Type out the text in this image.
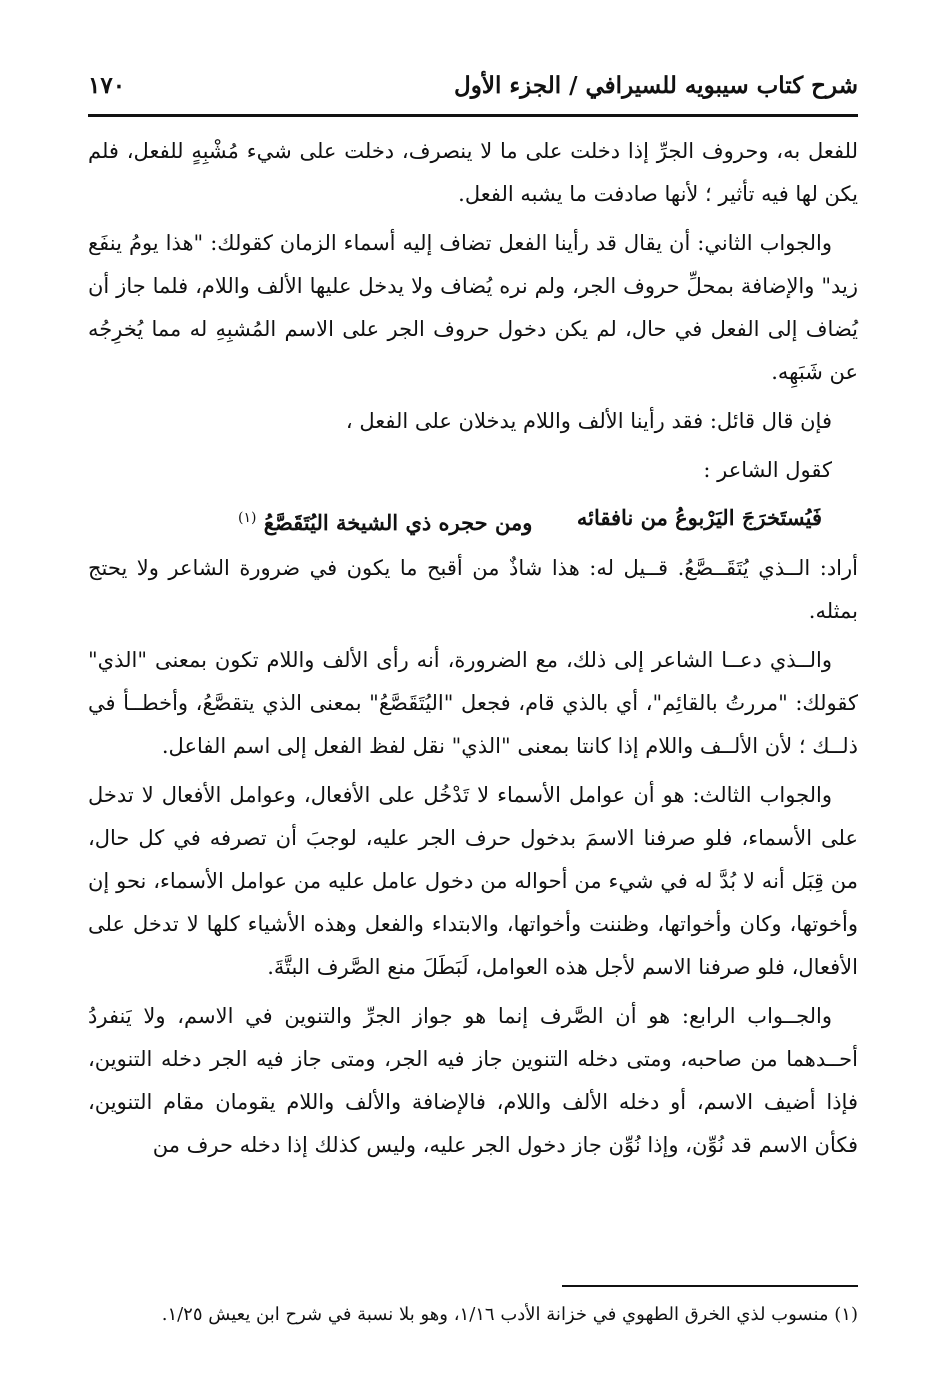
شرح كتاب سيبويه للسيرافي / الجزء الأول
١٧٠

للفعل به، وحروف الجرِّ إذا دخلت على ما لا ينصرف، دخلت على شيء مُشْبِهٍ للفعل، فلم يكن لها فيه تأثير ؛ لأنها صادفت ما يشبه الفعل.

والجواب الثاني: أن يقال قد رأينا الفعل تضاف إليه أسماء الزمان كقولك: "هذا يومُ ينفَع زيد" والإضافة بمحلِّ حروف الجر، ولم نره يُضاف ولا يدخل عليها الألف واللام، فلما جاز أن يُضاف إلى الفعل في حال، لم يكن دخول حروف الجر على الاسم المُشبِهِ له مما يُخرِجُه عن شَبَهِه.

فإن قال قائل: فقد رأينا الألف واللام يدخلان على الفعل ،

كقول الشاعر :

فَيُستَخرَجَ اليَرْبوعُ من نافقائه
ومن حجره ذي الشيخة اليُتَقَصَّعُ $^{(١)}$

أراد: الــذي يُتَقَــصَّعُ. قــيل له: هذا شاذٌ من أقبح ما يكون في ضرورة الشاعر ولا يحتج بمثله.

والــذي دعــا الشاعر إلى ذلك، مع الضرورة، أنه رأى الألف واللام تكون بمعنى "الذي" كقولك: "مررتُ بالقائِم"، أي بالذي قام، فجعل "اليُتَقَصَّعُ" بمعنى الذي يتقصَّعُ، وأخطــأ في ذلــك ؛ لأن الألــف واللام إذا كانتا بمعنى "الذي" نقل لفظ الفعل إلى اسم الفاعل.

والجواب الثالث: هو أن عوامل الأسماء لا تَدْخُل على الأفعال، وعوامل الأفعال لا تدخل على الأسماء، فلو صرفنا الاسمَ بدخول حرف الجر عليه، لوجبَ أن تصرفه في كل حال، من قِبَل أنه لا بُدَّ له في شيء من أحواله من دخول عامل عليه من عوامل الأسماء، نحو إن وأخوتها، وكان وأخواتها، وظننت وأخواتها، والابتداء والفعل وهذه الأشياء كلها لا تدخل على الأفعال، فلو صرفنا الاسم لأجل هذه العوامل، لَبَطَلَ منع الصَّرف البتَّةَ.

والجــواب الرابع: هو أن الصَّرف إنما هو جواز الجرِّ والتنوين في الاسم، ولا يَنفردُ أحــدهما من صاحبه، ومتى دخله التنوين جاز فيه الجر، ومتى جاز فيه الجر دخله التنوين، فإذا أضيف الاسم، أو دخله الألف واللام، فالإضافة والألف واللام يقومان مقام التنوين، فكأن الاسم قد نُوِّن، وإذا نُوِّن جاز دخول الجر عليه، وليس كذلك إذا دخله حرف من

(١) منسوب لذي الخرق الطهوي في خزانة الأدب ١/١٦، وهو بلا نسبة في شرح ابن يعيش ١/٢٥.
